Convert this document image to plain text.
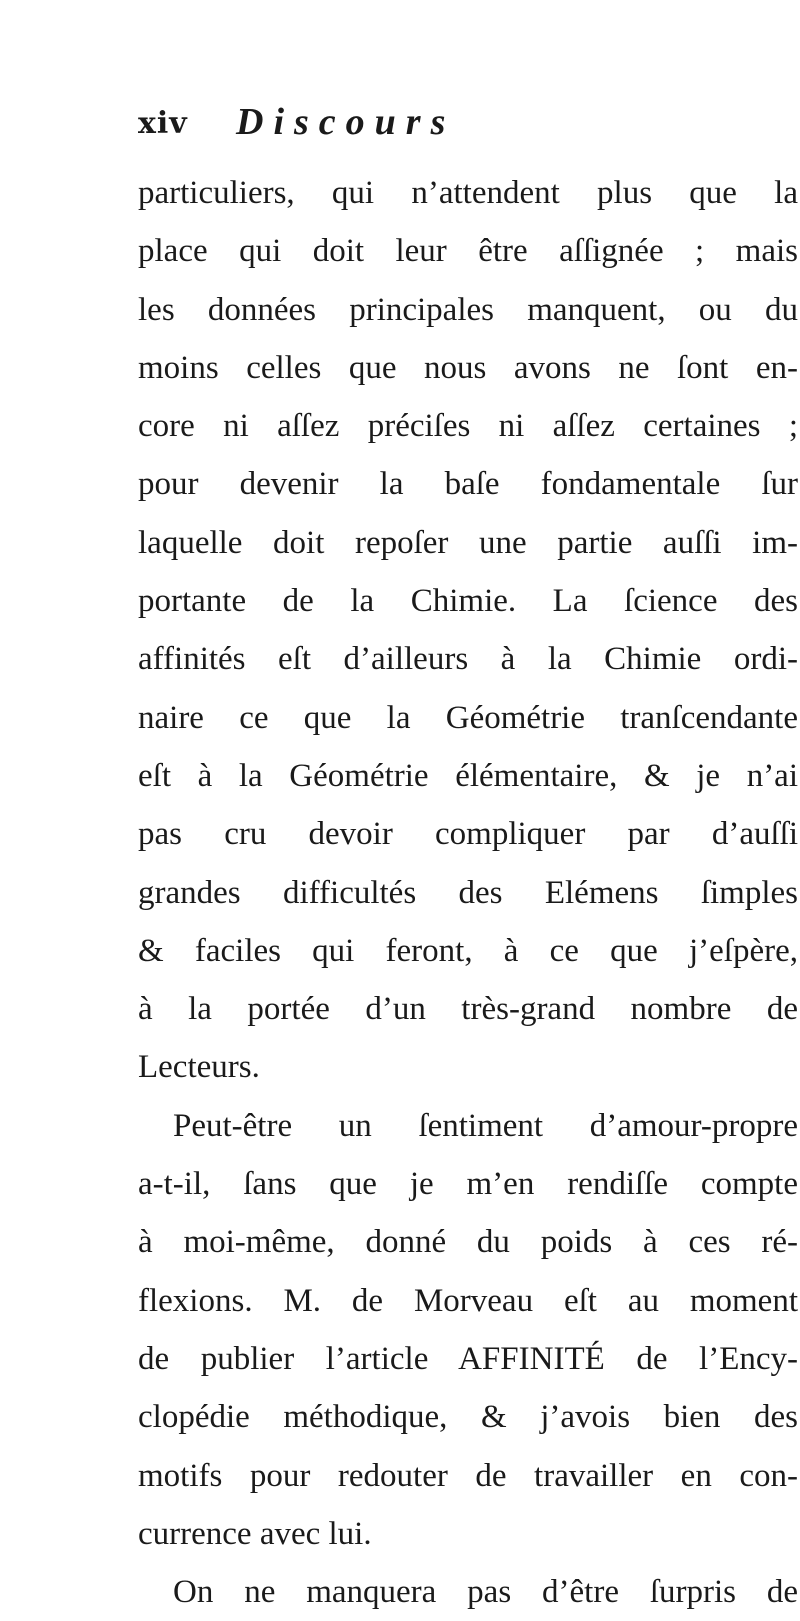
xiv Discours
particuliers, qui n’attendent plus que la
place qui doit leur être aſſignée ; mais
les données principales manquent, ou du
moins celles que nous avons ne ſont en-
core ni aſſez préciſes ni aſſez certaines ;
pour devenir la baſe fondamentale ſur
laquelle doit repoſer une partie auſſi im-
portante de la Chimie. La ſcience des
affinités eſt d’ailleurs à la Chimie ordi-
naire ce que la Géométrie tranſcendante
eſt à la Géométrie élémentaire, & je n’ai
pas cru devoir compliquer par d’auſſi
grandes difficultés des Elémens ſimples
& faciles qui feront, à ce que j’eſpère,
à la portée d’un très-grand nombre de
Lecteurs.
Peut-être un ſentiment d’amour-propre
a-t-il, ſans que je m’en rendiſſe compte
à moi-même, donné du poids à ces ré-
flexions. M. de Morveau eſt au moment
de publier l’article AFFINITÉ de l’Ency-
clopédie méthodique, & j’avois bien des
motifs pour redouter de travailler en con-
currence avec lui.
On ne manquera pas d’être ſurpris de
